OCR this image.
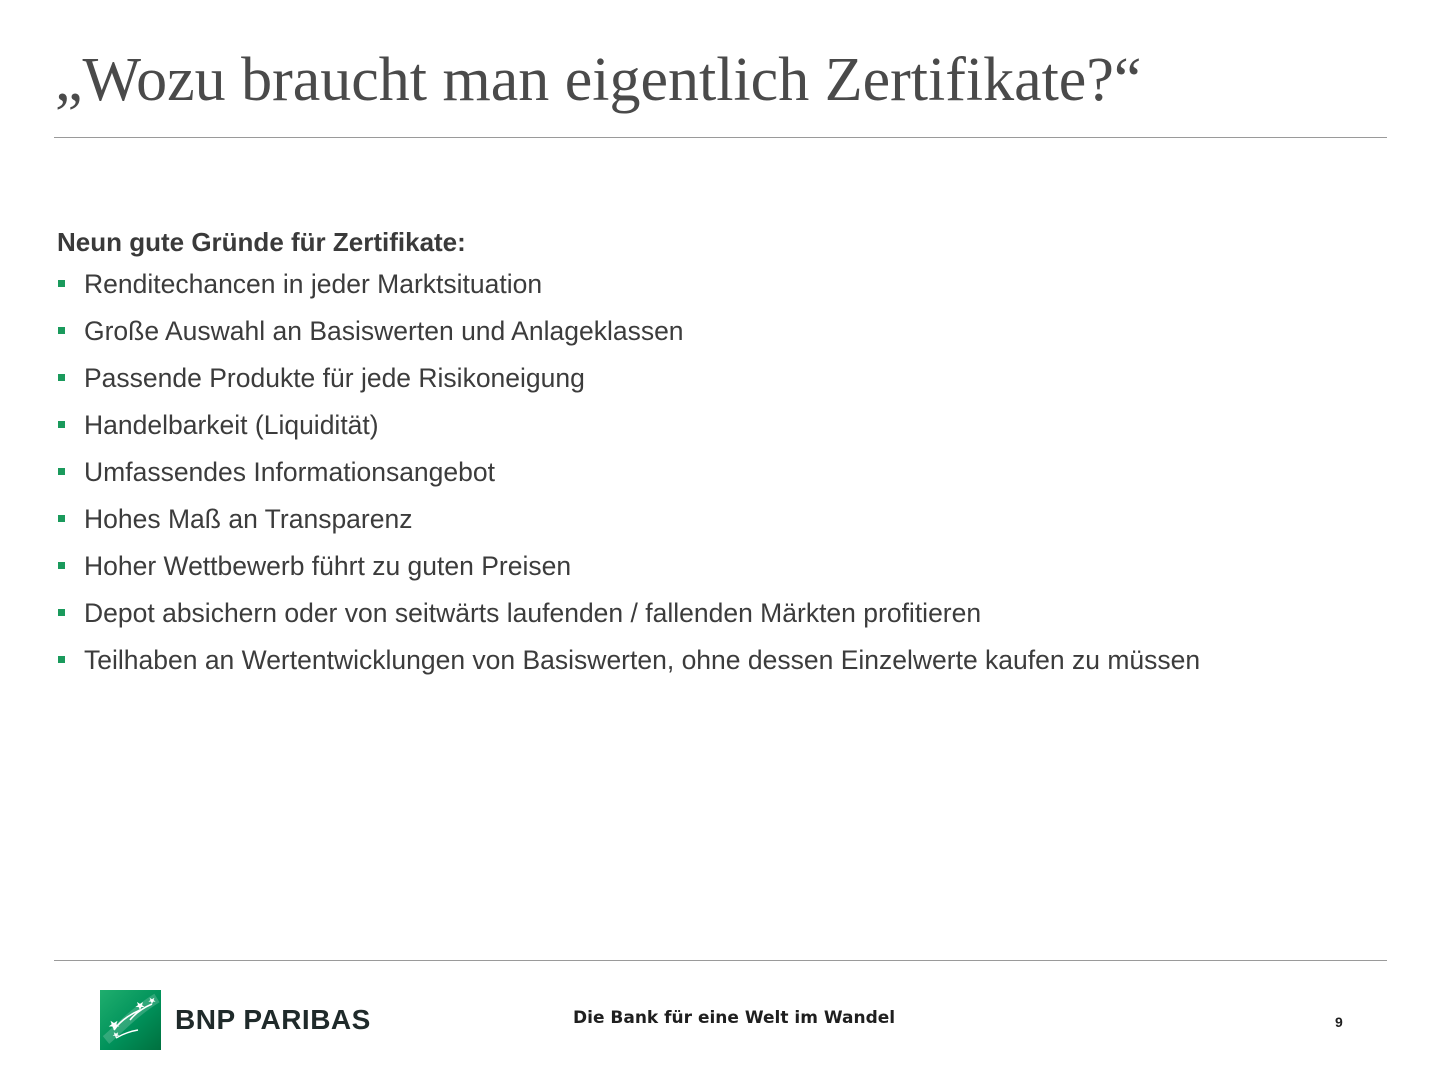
„Wozu braucht man eigentlich Zertifikate?“

Neun gute Gründe für Zertifikate:

Renditechancen in jeder Marktsituation
Große Auswahl an Basiswerten und Anlageklassen
Passende Produkte für jede Risikoneigung
Handelbarkeit (Liquidität)
Umfassendes Informationsangebot
Hohes Maß an Transparenz
Hoher Wettbewerb führt zu guten Preisen
Depot absichern oder von seitwärts laufenden / fallenden Märkten profitieren
Teilhaben an Wertentwicklungen von Basiswerten, ohne dessen Einzelwerte kaufen zu müssen
BNP PARIBAS	Die Bank für eine Welt im Wandel	9
